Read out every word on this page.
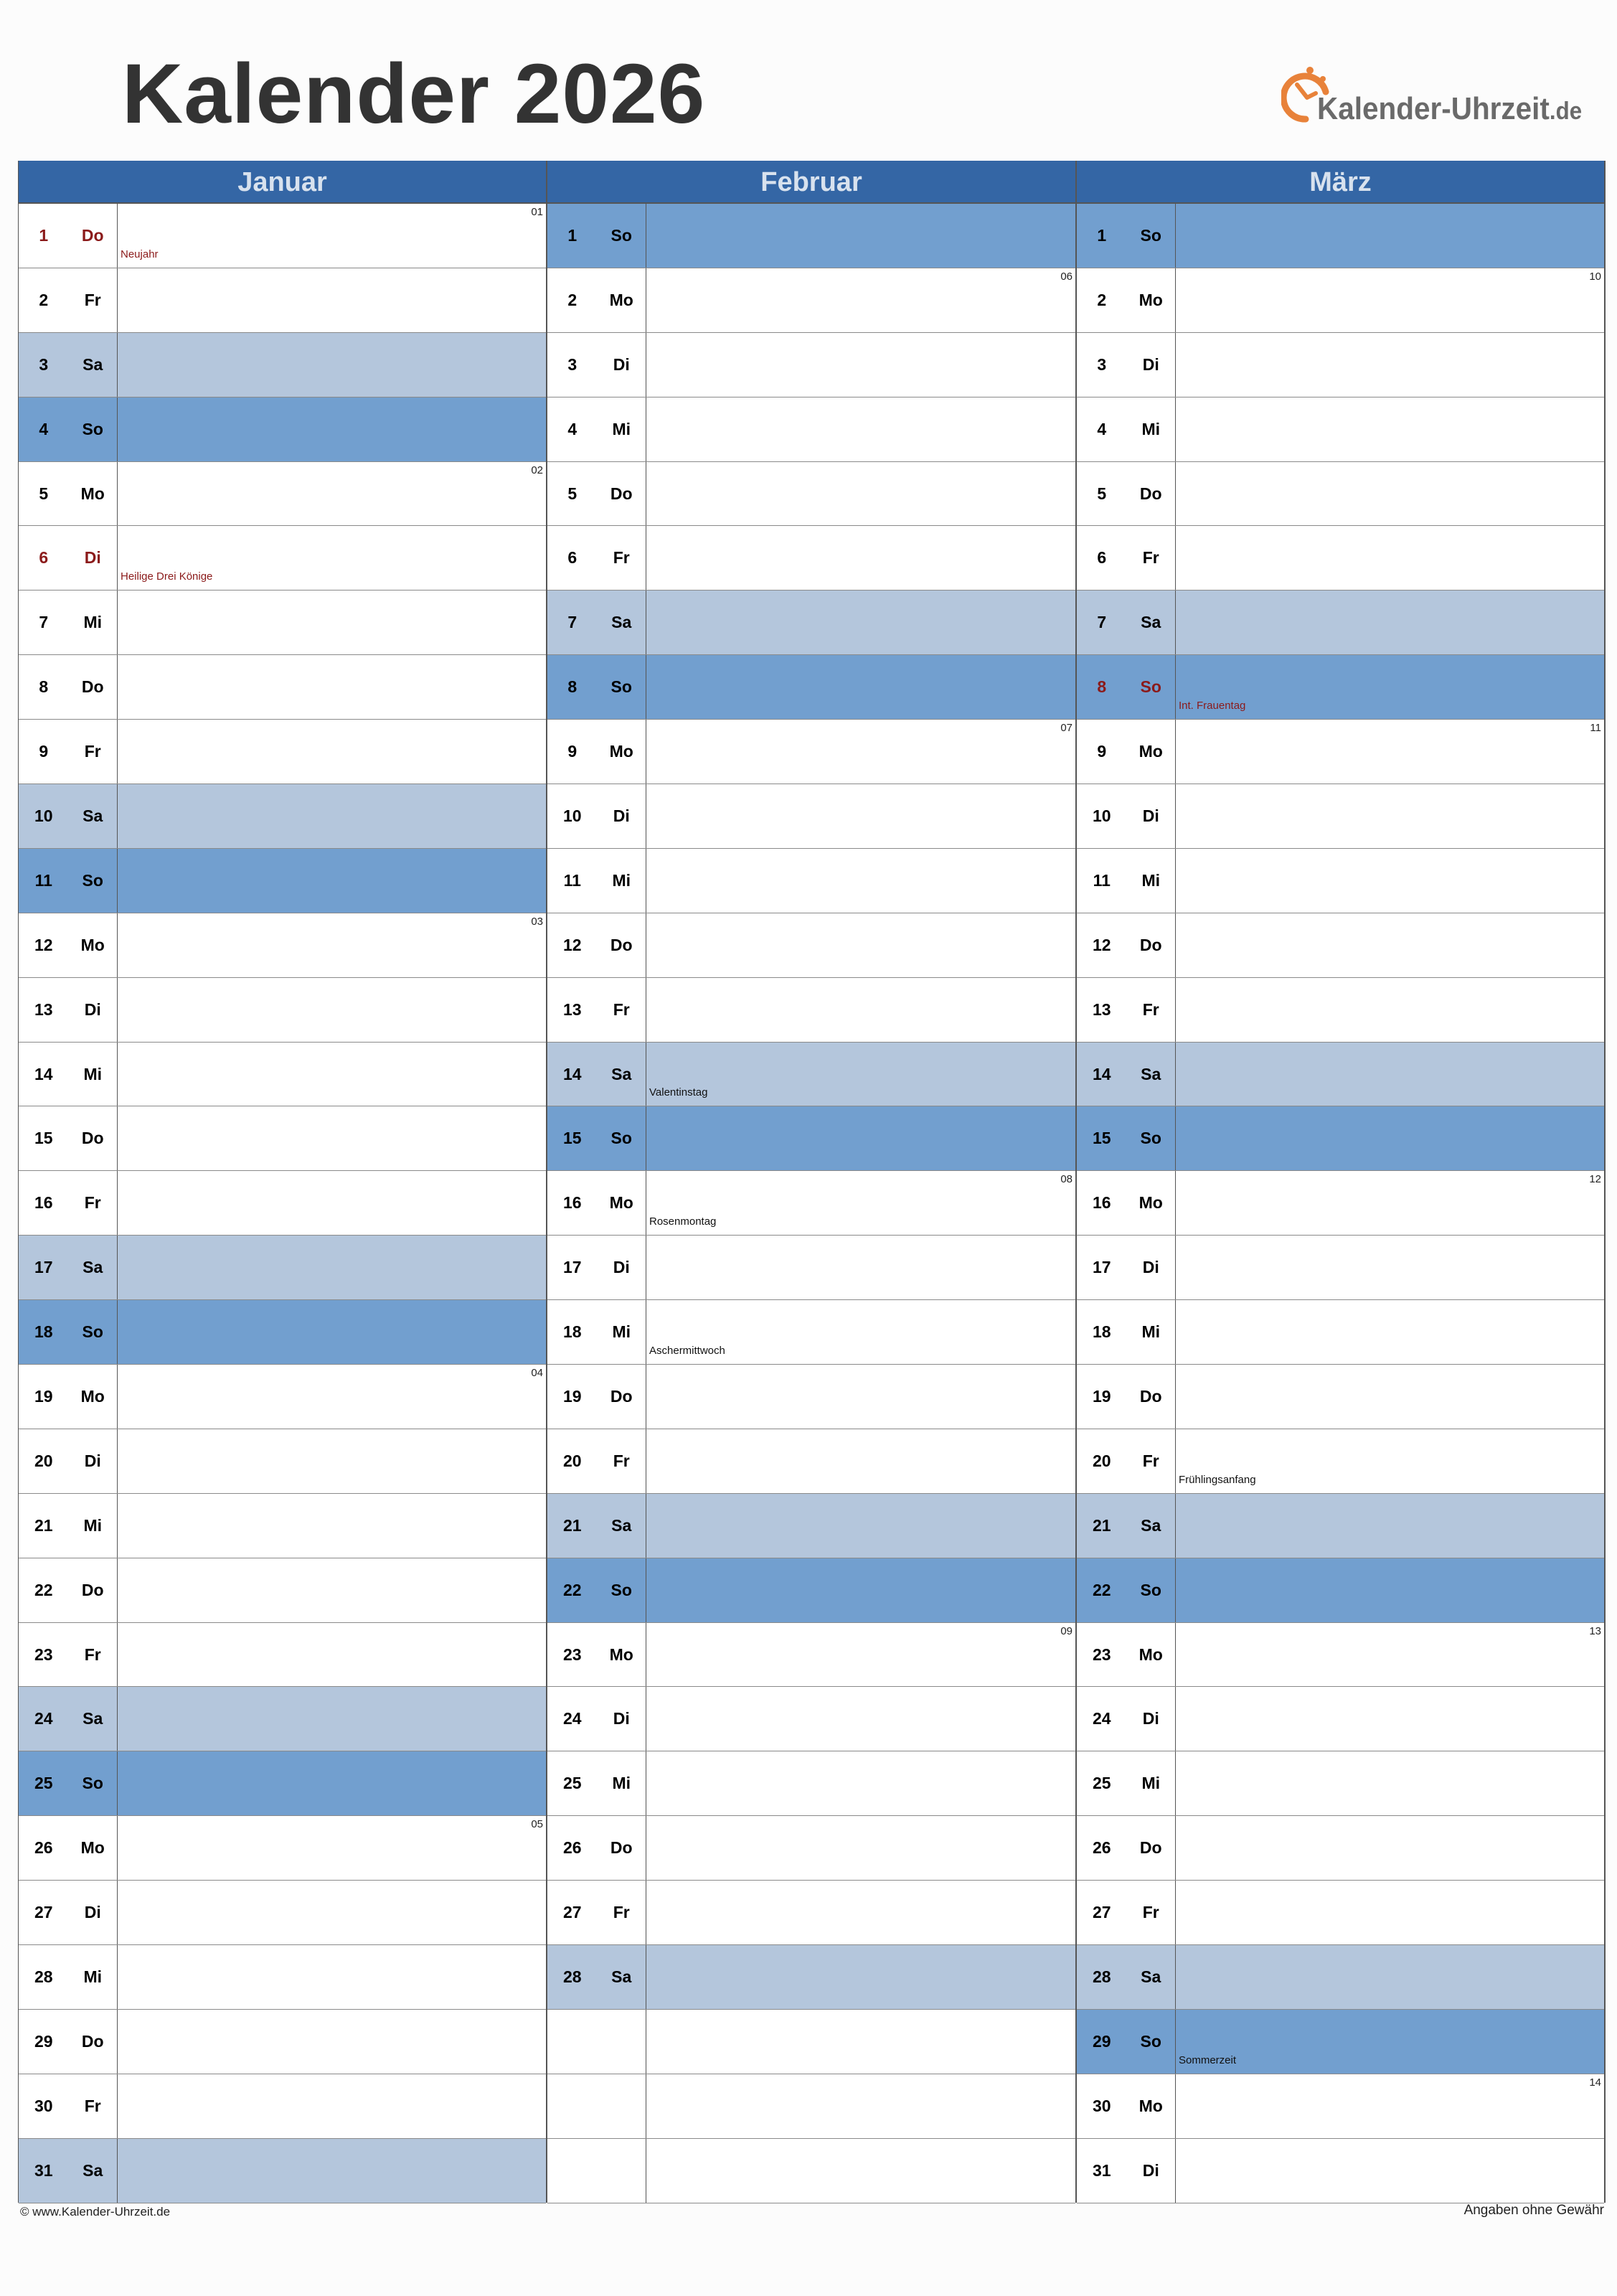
Kalender 2026	Kalender-Uhrzeit.de
Januar
1	Do
01
Neujahr
2	Fr
3	Sa
4	So
5	Mo
02
6	Di
Heilige Drei Könige
7	Mi
8	Do
9	Fr
10	Sa
11	So
12	Mo
03
13	Di
14	Mi
15	Do
16	Fr
17	Sa
18	So
19	Mo
04
20	Di
21	Mi
22	Do
23	Fr
24	Sa
25	So
26	Mo
05
27	Di
28	Mi
29	Do
30	Fr
31	Sa
Februar
1	So
2	Mo
06
3	Di
4	Mi
5	Do
6	Fr
7	Sa
8	So
9	Mo
07
10	Di
11	Mi
12	Do
13	Fr
14	Sa
Valentinstag
15	So
16	Mo
08
Rosenmontag
17	Di
18	Mi
Aschermittwoch
19	Do
20	Fr
21	Sa
22	So
23	Mo
09
24	Di
25	Mi
26	Do
27	Fr
28	Sa
März
1	So
2	Mo
10
3	Di
4	Mi
5	Do
6	Fr
7	Sa
8	So
Int. Frauentag
9	Mo
11
10	Di
11	Mi
12	Do
13	Fr
14	Sa
15	So
16	Mo
12
17	Di
18	Mi
19	Do
20	Fr
Frühlingsanfang
21	Sa
22	So
23	Mo
13
24	Di
25	Mi
26	Do
27	Fr
28	Sa
29	So
Sommerzeit
30	Mo
14
31	Di
© www.Kalender-Uhrzeit.de	Angaben ohne Gewähr
